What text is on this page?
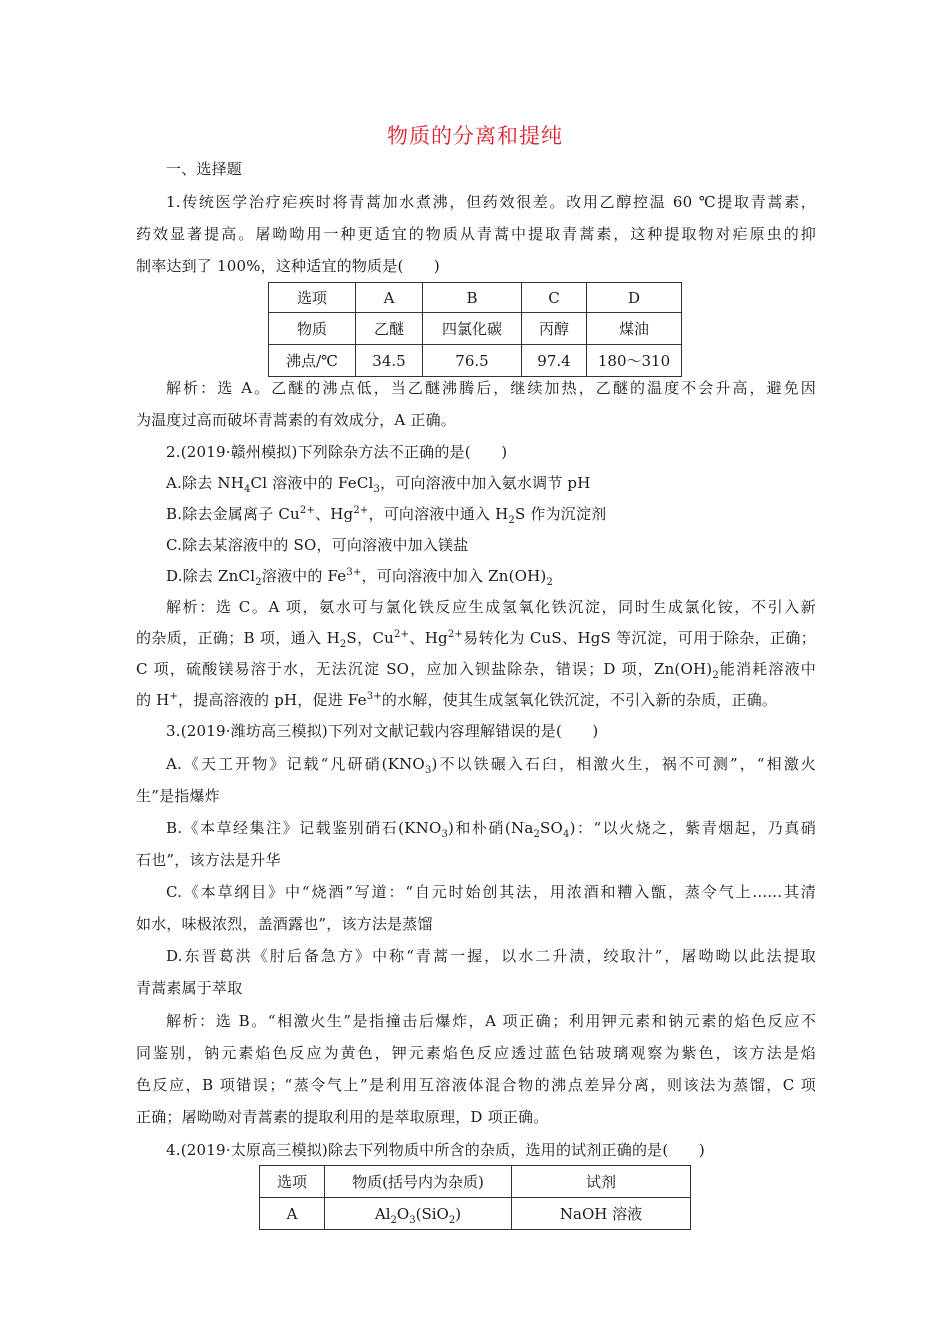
物质的分离和提纯
一、选择题
1.传统医学治疗疟疾时将青蒿加水煮沸，但药效很差。改用乙醇控温 60 ℃提取青蒿素，
药效显著提高。屠呦呦用一种更适宜的物质从青蒿中提取青蒿素，这种提取物对疟原虫的抑
制率达到了 100%，这种适宜的物质是(　　)
选项	A	B	C	D
物质	乙醚	四氯化碳	丙醇	煤油
沸点/℃	34.5	76.5	97.4	180～310
解析：选 A。乙醚的沸点低，当乙醚沸腾后，继续加热，乙醚的温度不会升高，避免因
为温度过高而破坏青蒿素的有效成分，A 正确。
2.(2019·赣州模拟)下列除杂方法不正确的是(　　)
A.除去 $NH_4Cl$ 溶液中的 FeCl$_3$，可向溶液中加入氨水调节 pH
B.除去金属离子 $Cu^{2+}$、$Hg^{2+}$，可向溶液中通入 $H_2S$ 作为沉淀剂
C.除去某溶液中的 SO，可向溶液中加入镁盐
D.除去 ZnCl$_2$溶液中的 $Fe^{3+}$，可向溶液中加入 $Zn(OH)_2$
解析：选 C。A 项，氨水可与氯化铁反应生成氢氧化铁沉淀，同时生成氯化铵，不引入新
的杂质，正确；B 项，通入 $H_2S$，$Cu^{2+}$、$Hg^{2+}$易转化为 CuS、HgS 等沉淀，可用于除杂，正确；
C 项，硫酸镁易溶于水，无法沉淀 SO，应加入钡盐除杂，错误；D 项，$Zn(OH)_2$能消耗溶液中
的 H+，提高溶液的 pH，促进 $Fe^{3+}$的水解，使其生成氢氧化铁沉淀，不引入新的杂质，正确。
3.(2019·潍坊高三模拟)下列对文献记载内容理解错误的是(　　)
A.《天工开物》记载“凡研硝$(KNO_3)$不以铁碾入石臼，相激火生，祸不可测”，“相激火
生”是指爆炸
B.《本草经集注》记载鉴别硝石$(KNO_3)$和朴硝$(Na_2SO_4)$：“以火烧之，紫青烟起，乃真硝
石也”，该方法是升华
C.《本草纲目》中“烧酒”写道：“自元时始创其法，用浓酒和糟入甑，蒸令气上......其清
如水，味极浓烈，盖酒露也”，该方法是蒸馏
D.东晋葛洪《肘后备急方》中称“青蒿一握，以水二升渍，绞取汁”，屠呦呦以此法提取
青蒿素属于萃取
解析：选 B。“相激火生”是指撞击后爆炸，A 项正确；利用钾元素和钠元素的焰色反应不
同鉴别，钠元素焰色反应为黄色，钾元素焰色反应透过蓝色钴玻璃观察为紫色，该方法是焰
色反应，B 项错误；“蒸令气上”是利用互溶液体混合物的沸点差异分离，则该法为蒸馏，C 项
正确；屠呦呦对青蒿素的提取利用的是萃取原理，D 项正确。
4.(2019·太原高三模拟)除去下列物质中所含的杂质，选用的试剂正确的是(　　)
选项	物质(括号内为杂质)	试剂
A	$Al_2O_3(SiO_2)$	NaOH 溶液
